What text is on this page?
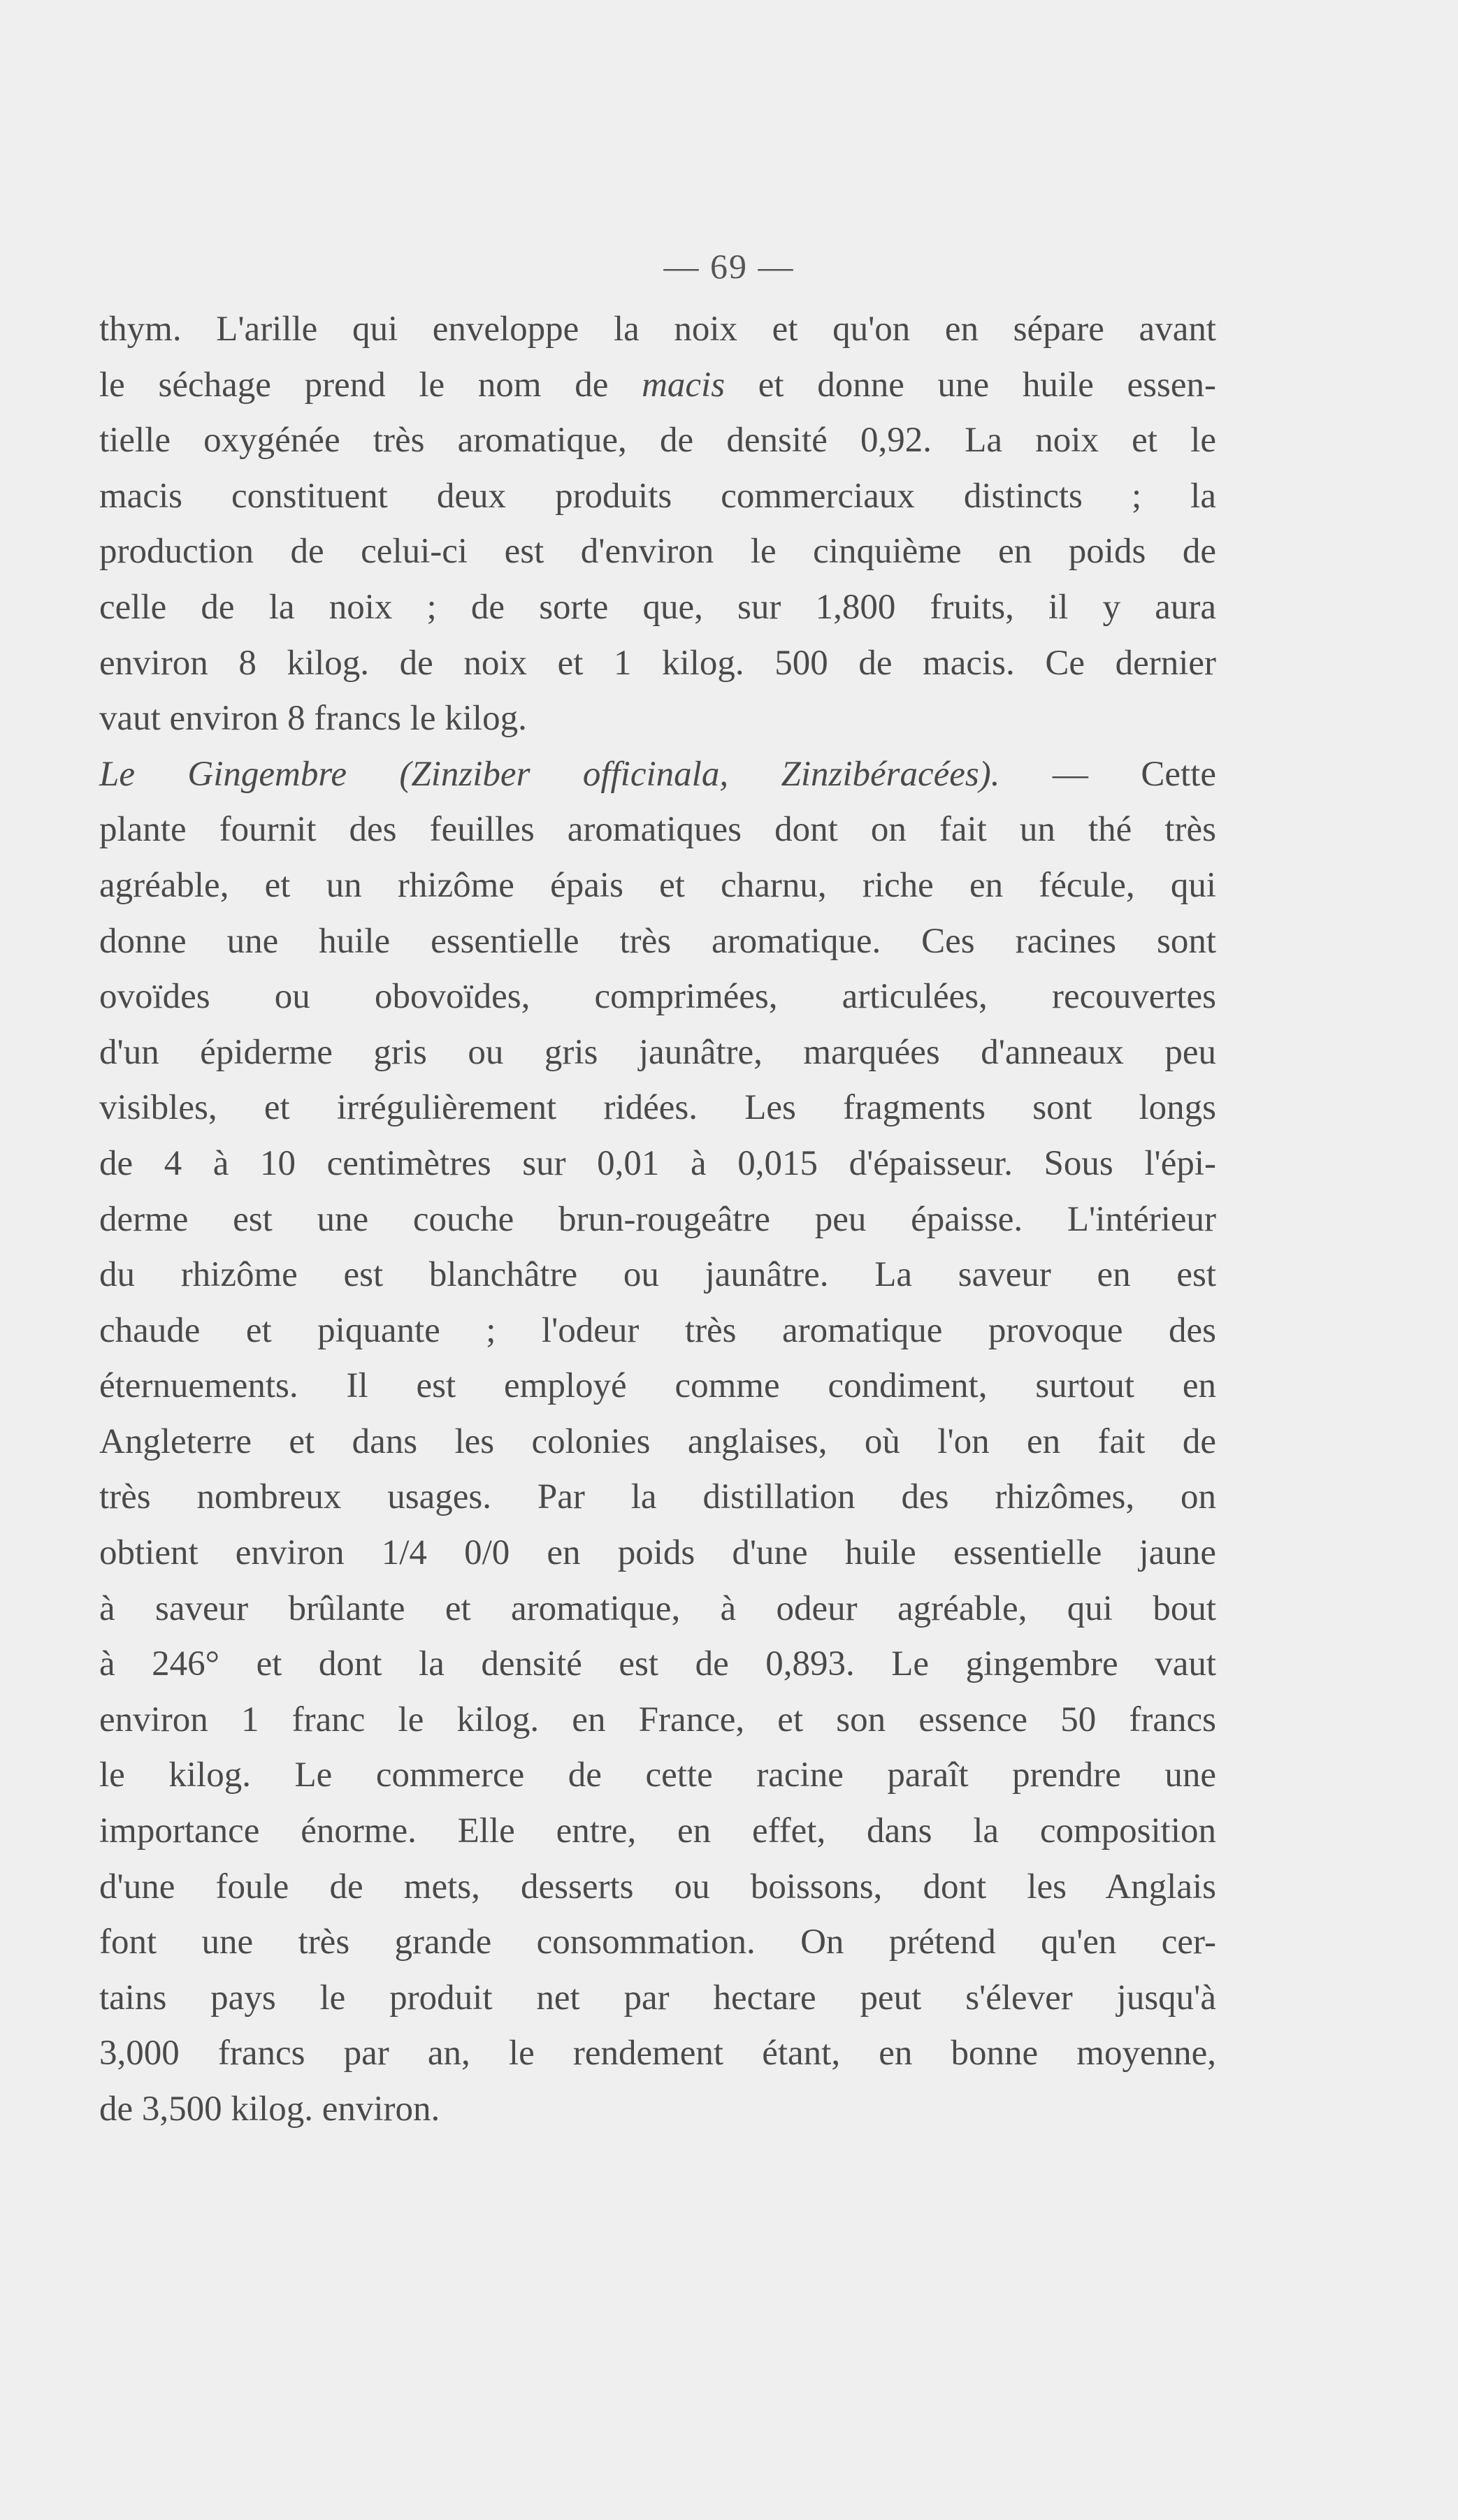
— 69 —
thym. L'arille qui enveloppe la noix et qu'on en sépare avant
le séchage prend le nom de macis et donne une huile essen-
tielle oxygénée très aromatique, de densité 0,92. La noix et le
macis constituent deux produits commerciaux distincts ; la
production de celui-ci est d'environ le cinquième en poids de
celle de la noix ; de sorte que, sur 1,800 fruits, il y aura
environ 8 kilog. de noix et 1 kilog. 500 de macis. Ce dernier
vaut environ 8 francs le kilog.
Le Gingembre (Zinziber officinala, Zinzibéracées). — Cette
plante fournit des feuilles aromatiques dont on fait un thé très
agréable, et un rhizôme épais et charnu, riche en fécule, qui
donne une huile essentielle très aromatique. Ces racines sont
ovoïdes ou obovoïdes, comprimées, articulées, recouvertes
d'un épiderme gris ou gris jaunâtre, marquées d'anneaux peu
visibles, et irrégulièrement ridées. Les fragments sont longs
de 4 à 10 centimètres sur 0,01 à 0,015 d'épaisseur. Sous l'épi-
derme est une couche brun-rougeâtre peu épaisse. L'intérieur
du rhizôme est blanchâtre ou jaunâtre. La saveur en est
chaude et piquante ; l'odeur très aromatique provoque des
éternuements. Il est employé comme condiment, surtout en
Angleterre et dans les colonies anglaises, où l'on en fait de
très nombreux usages. Par la distillation des rhizômes, on
obtient environ 1/4 0/0 en poids d'une huile essentielle jaune
à saveur brûlante et aromatique, à odeur agréable, qui bout
à 246° et dont la densité est de 0,893. Le gingembre vaut
environ 1 franc le kilog. en France, et son essence 50 francs
le kilog. Le commerce de cette racine paraît prendre une
importance énorme. Elle entre, en effet, dans la composition
d'une foule de mets, desserts ou boissons, dont les Anglais
font une très grande consommation. On prétend qu'en cer-
tains pays le produit net par hectare peut s'élever jusqu'à
3,000 francs par an, le rendement étant, en bonne moyenne,
de 3,500 kilog. environ.
